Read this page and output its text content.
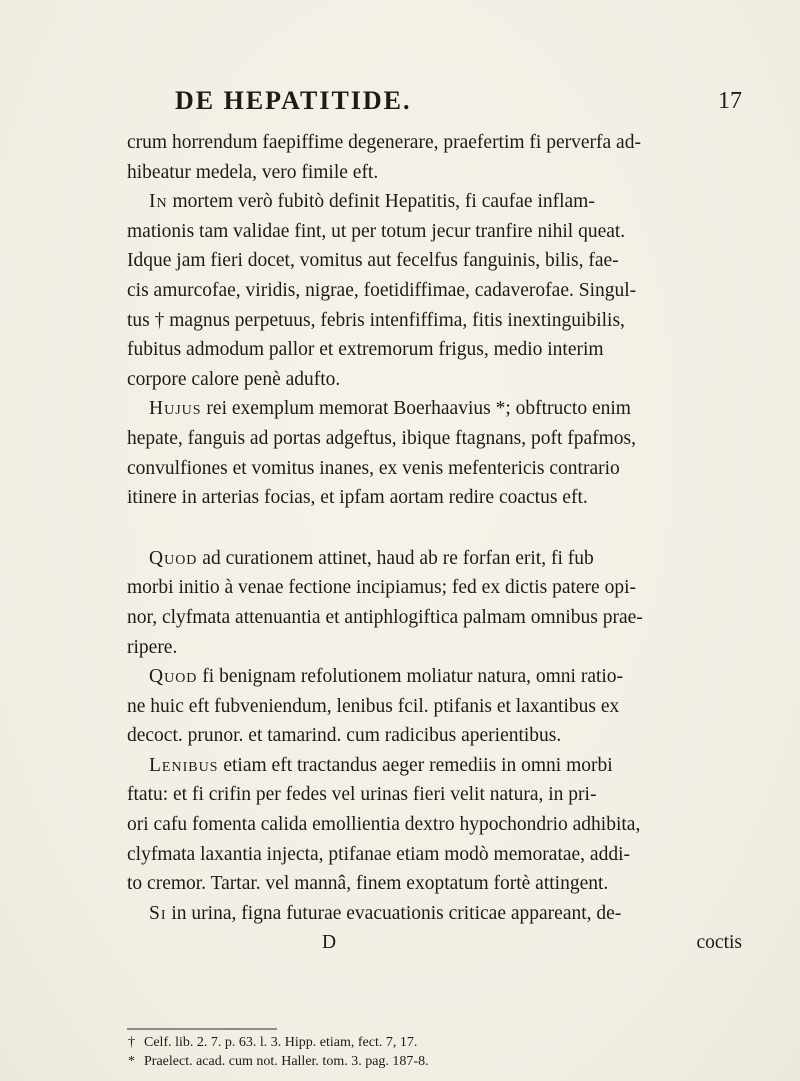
DE HEPATITIDE.	17

crum horrendum faepiffime degenerare, praefertim fi perverfa ad-
hibeatur medela, vero fimile eft.

In mortem verò fubitò definit Hepatitis, fi caufae inflam-
mationis tam validae fint, ut per totum jecur tranfire nihil queat.
Idque jam fieri docet, vomitus aut fecelfus fanguinis, bilis, fae-
cis amurcofae, viridis, nigrae, foetidiffimae, cadaverofae. Singul-
tus † magnus perpetuus, febris intenfiffima, fitis inextinguibilis,
fubitus admodum pallor et extremorum frigus, medio interim
corpore calore penè adufto.

Hujus rei exemplum memorat Boerhaavius *; obftructo enim
hepate, fanguis ad portas adgeftus, ibique ftagnans, poft fpafmos,
convulfiones et vomitus inanes, ex venis mefentericis contrario
itinere in arterias focias, et ipfam aortam redire coactus eft.

Quod ad curationem attinet, haud ab re forfan erit, fi fub
morbi initio à venae fectione incipiamus; fed ex dictis patere opi-
nor, clyfmata attenuantia et antiphlogiftica palmam omnibus prae-
ripere.

Quod fi benignam refolutionem moliatur natura, omni ratio-
ne huic eft fubveniendum, lenibus fcil. ptifanis et laxantibus ex
decoct. prunor. et tamarind. cum radicibus aperientibus.

Lenibus etiam eft tractandus aeger remediis in omni morbi
ftatu: et fi crifin per fedes vel urinas fieri velit natura, in pri-
ori cafu fomenta calida emollientia dextro hypochondrio adhibita,
clyfmata laxantia injecta, ptifanae etiam modò memoratae, addi-
to cremor. Tartar. vel mannâ, finem exoptatum fortè attingent.

Si in urina, figna futurae evacuationis criticae appareant, de-

D	coctis
† Celf. lib. 2. 7. p. 63. l. 3. Hipp. etiam, fect. 7, 17.
* Praelect. acad. cum not. Haller. tom. 3. pag. 187-8.
